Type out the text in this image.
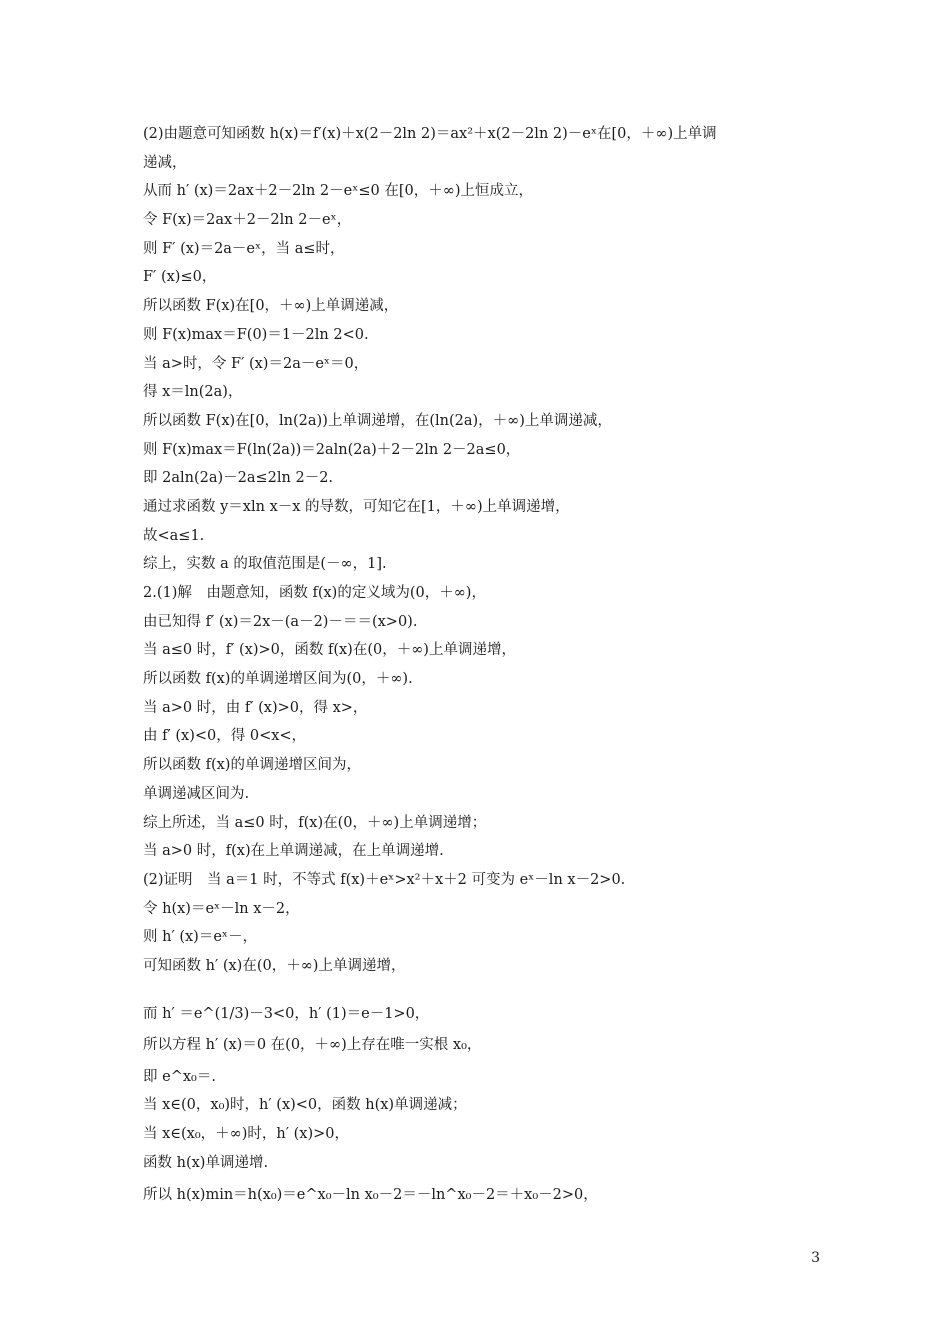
(2)由题意可知函数 h(x)＝f′(x)＋x(2－2ln 2)＝ax²＋x(2－2ln 2)－eˣ在[0，＋∞)上单调
递减，
从而 h′ (x)＝2ax＋2－2ln 2－eˣ≤0 在[0，＋∞)上恒成立，
令 F(x)＝2ax＋2－2ln 2－eˣ，
则 F′ (x)＝2a－eˣ，当 a≤时，
F′ (x)≤0，
所以函数 F(x)在[0，＋∞)上单调递减，
则 F(x)max＝F(0)＝1－2ln 2<0.
当 a>时，令 F′ (x)＝2a－eˣ＝0，
得 x＝ln(2a)，
所以函数 F(x)在[0，ln(2a))上单调递增，在(ln(2a)，＋∞)上单调递减，
则 F(x)max＝F(ln(2a))＝2aln(2a)＋2－2ln 2－2a≤0，
即 2aln(2a)－2a≤2ln 2－2.
通过求函数 y＝xln x－x 的导数，可知它在[1，＋∞)上单调递增，
故<a≤1.
综上，实数 a 的取值范围是(－∞，1].
2.(1)解　由题意知，函数 f(x)的定义域为(0，＋∞)，
由已知得 f′ (x)＝2x－(a－2)－＝＝(x>0).
当 a≤0 时，f′ (x)>0，函数 f(x)在(0，＋∞)上单调递增，
所以函数 f(x)的单调递增区间为(0，＋∞).
当 a>0 时，由 f′ (x)>0，得 x>，
由 f′ (x)<0，得 0<x<，
所以函数 f(x)的单调递增区间为，
单调递减区间为.
综上所述，当 a≤0 时，f(x)在(0，＋∞)上单调递增；
当 a>0 时，f(x)在上单调递减，在上单调递增.
(2)证明　当 a＝1 时，不等式 f(x)＋eˣ>x²＋x＋2 可变为 eˣ－ln x－2>0.
令 h(x)＝eˣ－ln x－2，
则 h′ (x)＝eˣ－，
可知函数 h′ (x)在(0，＋∞)上单调递增，
而 h′ ＝e^(1/3)－3<0，h′ (1)＝e－1>0，
所以方程 h′ (x)＝0 在(0，＋∞)上存在唯一实根 x₀，
即 e^x₀＝.
当 x∈(0，x₀)时，h′ (x)<0，函数 h(x)单调递减；
当 x∈(x₀，＋∞)时，h′ (x)>0，
函数 h(x)单调递增.
所以 h(x)min＝h(x₀)＝e^x₀－ln x₀－2＝－ln^x₀－2＝＋x₀－2>0，
3
